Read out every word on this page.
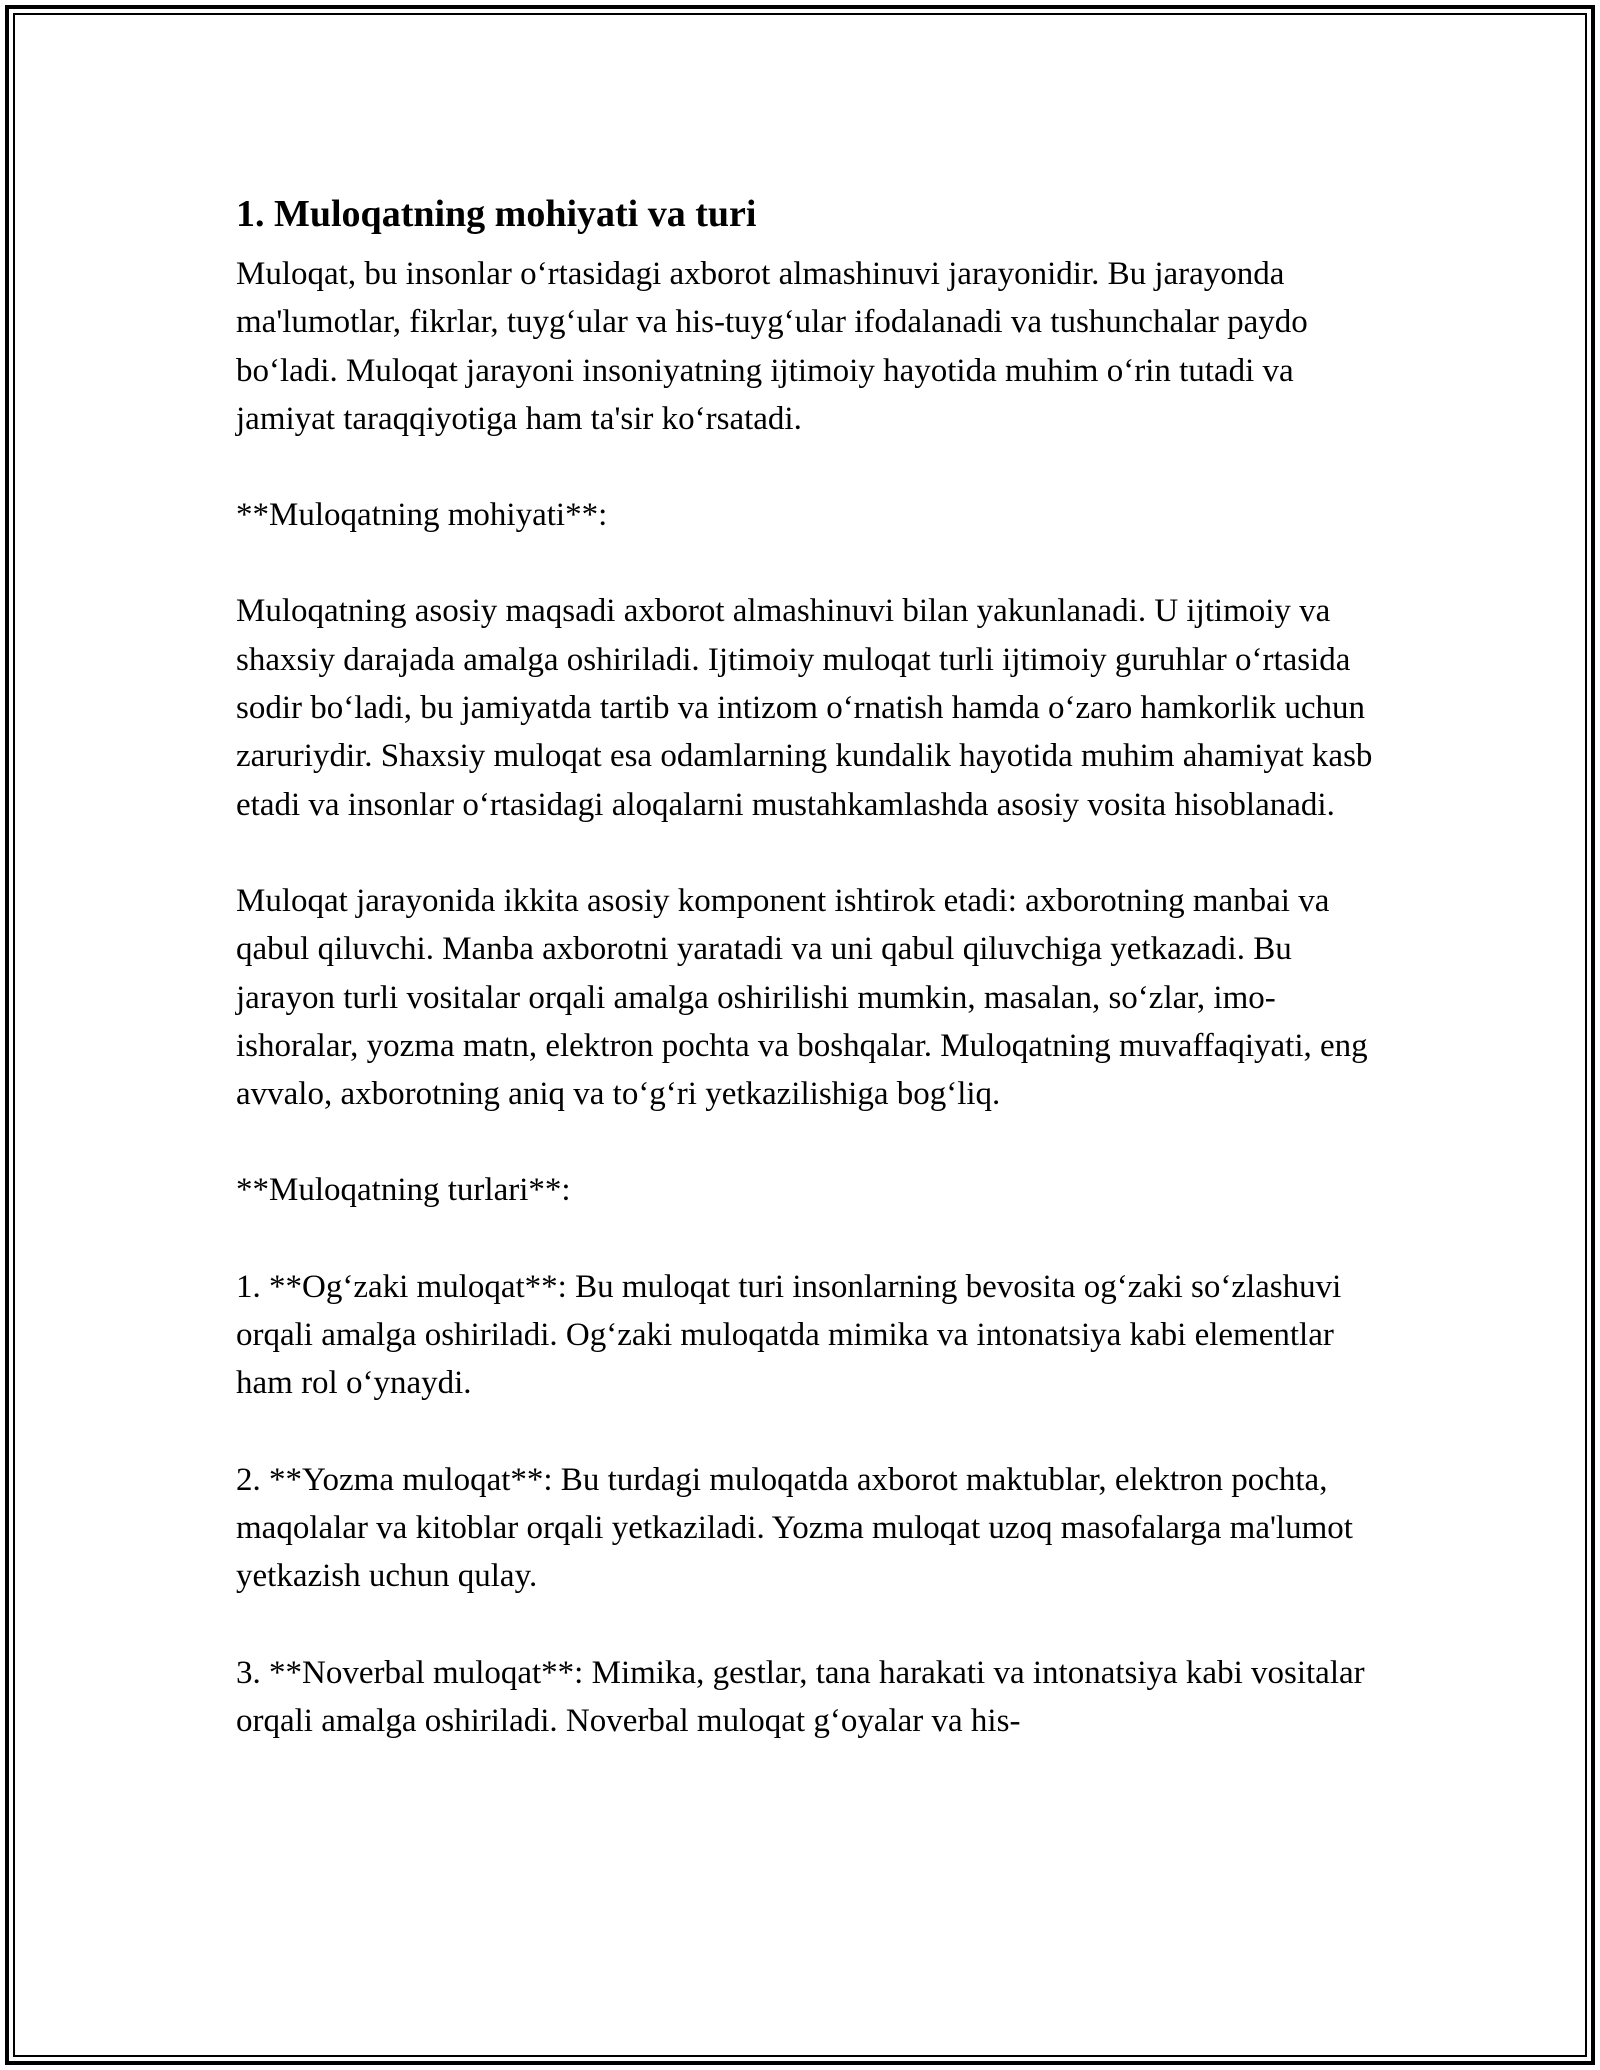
1. Muloqatning mohiyati va turi

Muloqat, bu insonlar o‘rtasidagi axborot almashinuvi jarayonidir. Bu jarayonda ma'lumotlar, fikrlar, tuyg‘ular va his-tuyg‘ular ifodalanadi va tushunchalar paydo bo‘ladi. Muloqat jarayoni insoniyatning ijtimoiy hayotida muhim o‘rin tutadi va jamiyat taraqqiyotiga ham ta'sir ko‘rsatadi.

**Muloqatning mohiyati**:

Muloqatning asosiy maqsadi axborot almashinuvi bilan yakunlanadi. U ijtimoiy va shaxsiy darajada amalga oshiriladi. Ijtimoiy muloqat turli ijtimoiy guruhlar o‘rtasida sodir bo‘ladi, bu jamiyatda tartib va intizom o‘rnatish hamda o‘zaro hamkorlik uchun zaruriydir. Shaxsiy muloqat esa odamlarning kundalik hayotida muhim ahamiyat kasb etadi va insonlar o‘rtasidagi aloqalarni mustahkamlashda asosiy vosita hisoblanadi.

Muloqat jarayonida ikkita asosiy komponent ishtirok etadi: axborotning manbai va qabul qiluvchi. Manba axborotni yaratadi va uni qabul qiluvchiga yetkazadi. Bu jarayon turli vositalar orqali amalga oshirilishi mumkin, masalan, so‘zlar, imo-ishoralar, yozma matn, elektron pochta va boshqalar. Muloqatning muvaffaqiyati, eng avvalo, axborotning aniq va to‘g‘ri yetkazilishiga bog‘liq.

**Muloqatning turlari**:

1. **Og‘zaki muloqat**: Bu muloqat turi insonlarning bevosita og‘zaki so‘zlashuvi orqali amalga oshiriladi. Og‘zaki muloqatda mimika va intonatsiya kabi elementlar ham rol o‘ynaydi.

2. **Yozma muloqat**: Bu turdagi muloqatda axborot maktublar, elektron pochta, maqolalar va kitoblar orqali yetkaziladi. Yozma muloqat uzoq masofalarga ma'lumot yetkazish uchun qulay.

3. **Noverbal muloqat**: Mimika, gestlar, tana harakati va intonatsiya kabi vositalar orqali amalga oshiriladi. Noverbal muloqat g‘oyalar va his-
